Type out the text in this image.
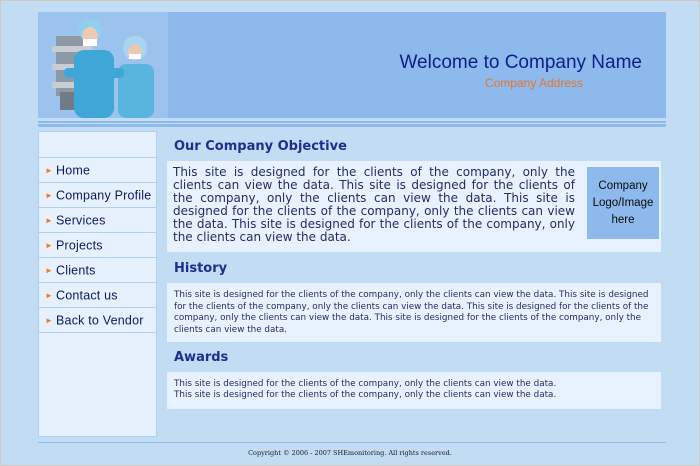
Welcome to Company Name
Company Address
► Home
► Company Profile
► Services
► Projects
► Clients
► Contact us
► Back to Vendor
Our Company Objective
This site is designed for the clients of the company, only the clients can view the data. This site is designed for the clients of the company, only the clients can view the data. This site is designed for the clients of the company, only the clients can view the data. This site is designed for the clients of the company, only the clients can view the data.
Company
Logo/Image
here
History
This site is designed for the clients of the company, only the clients can view the data. This site is designed for the clients of the company, only the clients can view the data. This site is designed for the clients of the company, only the clients can view the data. This site is designed for the clients of the company, only the clients can view the data.
Awards
This site is designed for the clients of the company, only the clients can view the data.
This site is designed for the clients of the company, only the clients can view the data.
Copyright © 2006 - 2007 SHEmonitoring. All rights reserved.
